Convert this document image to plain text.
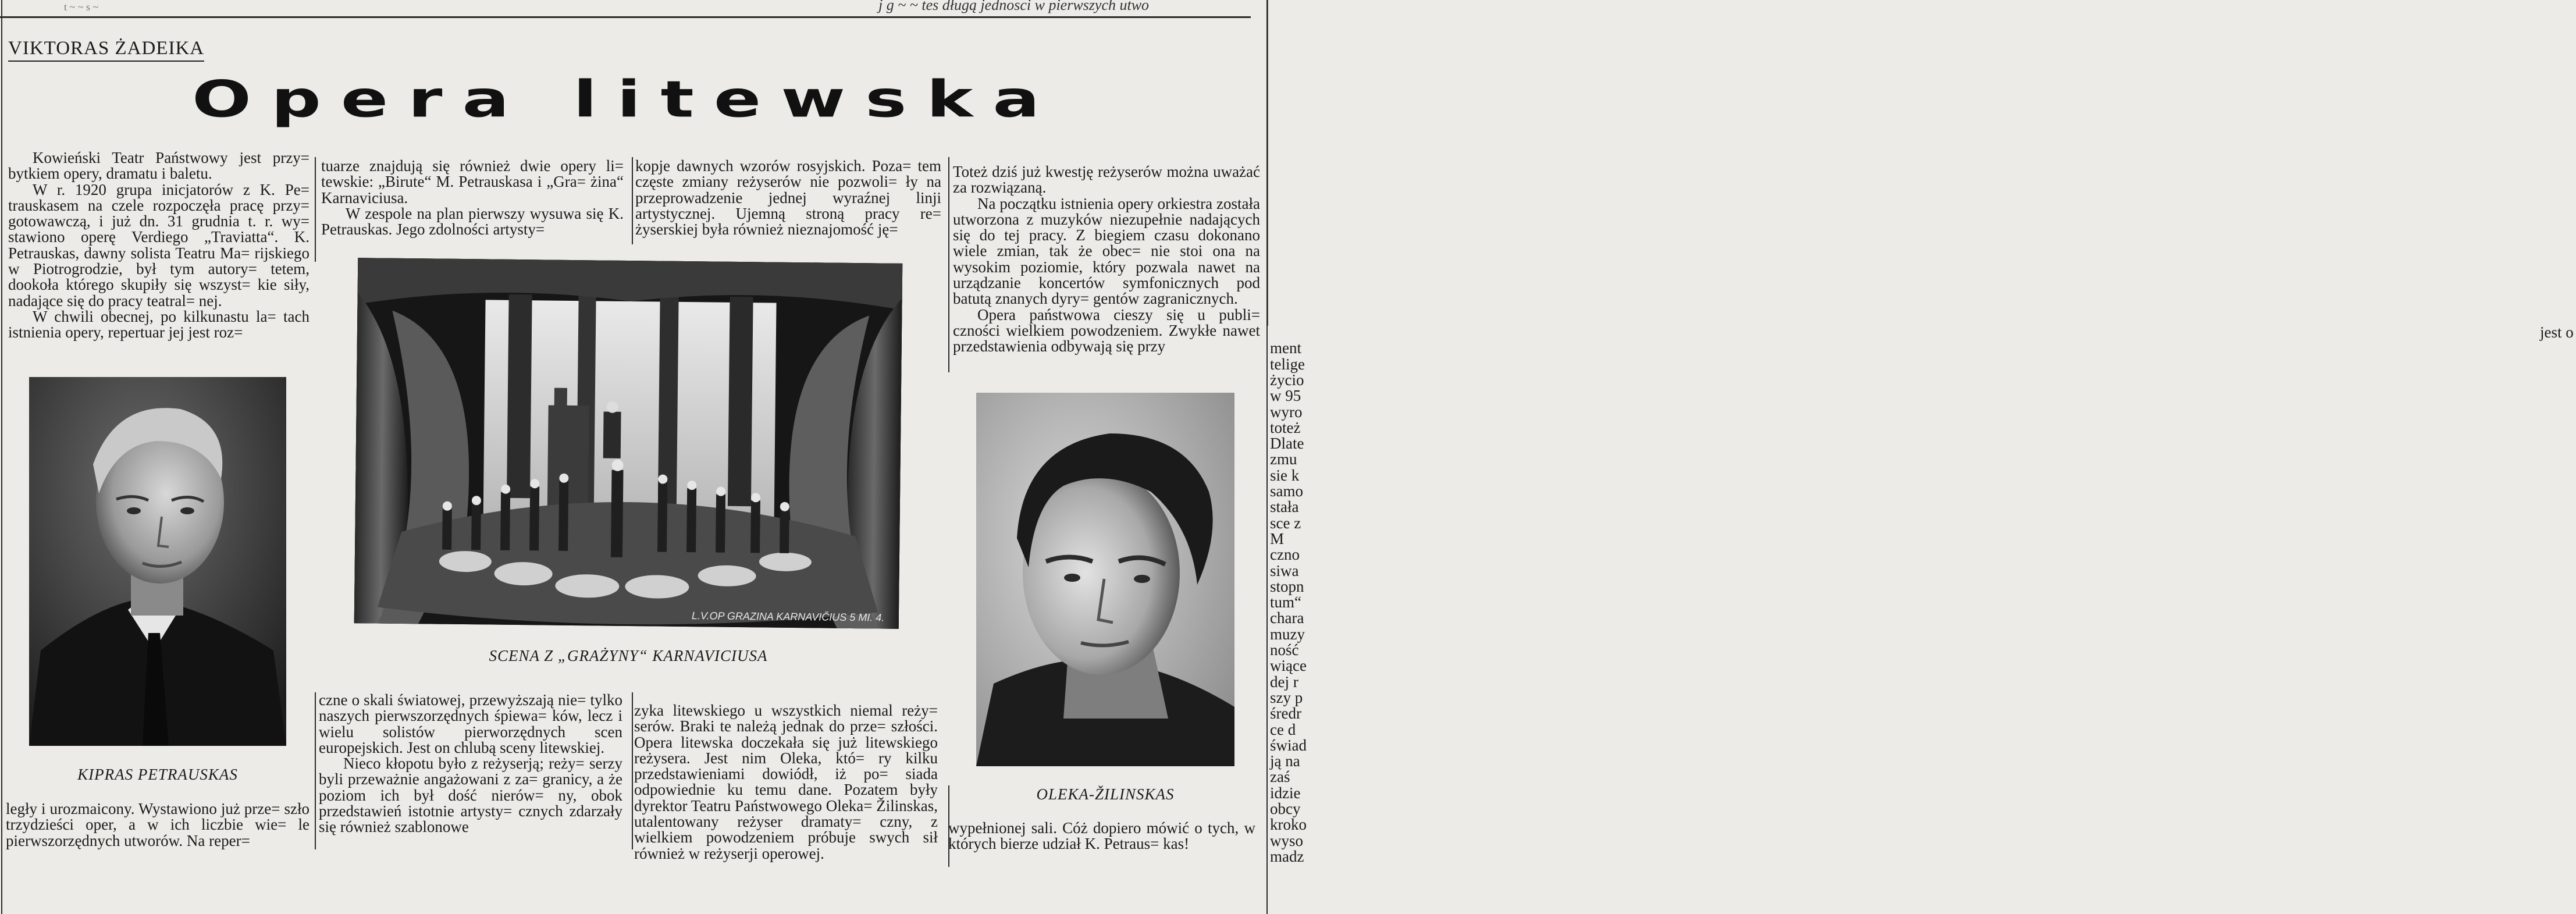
t ~ ~ s ~	j g ~ ~ tes długą jednosci w pierwszych utwo
VIKTORAS ŻADEIKA
Opera litewska

Kowieński Teatr Państwowy jest przy= bytkiem opery, dramatu i baletu.

W r. 1920 grupa inicjatorów z K. Pe= trauskasem na czele rozpoczęła pracę przy= gotowawczą, i już dn. 31 grudnia t. r. wy= stawiono operę Verdiego „Traviatta“. K. Petrauskas, dawny solista Teatru Ma= rijskiego w Piotrogrodzie, był tym autory= tetem, dookoła którego skupiły się wszyst= kie siły, nadające się do pracy teatral= nej.

W chwili obecnej, po kilkunastu la= tach istnienia opery, repertuar jej jest roz=

tuarze znajdują się również dwie opery li= tewskie: „Birute“ M. Petrauskasa i „Gra= żina“ Karnaviciusa.

W zespole na plan pierwszy wysuwa się K. Petrauskas. Jego zdolności artysty=

kopje dawnych wzorów rosyjskich. Poza= tem częste zmiany reżyserów nie pozwoli= ły na przeprowadzenie jednej wyraźnej linji artystycznej. Ujemną stroną pracy re= żyserskiej była również nieznajomość ję=

Toteż dziś już kwestję reżyserów można uważać za rozwiązaną.

Na początku istnienia opery orkiestra została utworzona z muzyków niezupełnie nadających się do tej pracy. Z biegiem czasu dokonano wiele zmian, tak że obec= nie stoi ona na wysokim poziomie, który pozwala nawet na urządzanie koncertów symfonicznych pod batutą znanych dyry= gentów zagranicznych.

Opera państwowa cieszy się u publi= czności wielkiem powodzeniem. Zwykłe nawet przedstawienia odbywają się przy

KIPRAS PETRAUSKAS
L.V.OP GRAZINA KARNAVIČIUS 5 MI. 4.
SCENA Z „GRAŻYNY“ KARNAVICIUSA
OLEKA-ŽILINSKAS

legły i urozmaicony. Wystawiono już prze= szło trzydzieści oper, a w ich liczbie wie= le pierwszorzędnych utworów. Na reper=

czne o skali światowej, przewyższają nie= tylko naszych pierwszorzędnych śpiewa= ków, lecz i wielu solistów pierworzędnych scen europejskich. Jest on chlubą sceny litewskiej.

Nieco kłopotu było z reżyserją; reży= serzy byli przeważnie angażowani z za= granicy, a że poziom ich był dość nierów= ny, obok przedstawień istotnie artysty= cznych zdarzały się również szablonowe

zyka litewskiego u wszystkich niemal reży= serów. Braki te należą jednak do prze= szłości. Opera litewska doczekała się już litewskiego reżysera. Jest nim Oleka, któ= ry kilku przedstawieniami dowiódł, iż po= siada odpowiednie ku temu dane. Pozatem były dyrektor Teatru Państwowego Oleka= Žilinskas, utalentowany reżyser dramaty= czny, z wielkiem powodzeniem próbuje swych sił również w reżyserji operowej.

wypełnionej sali. Cóż dopiero mówić o tych, w których bierze udział K. Petraus= kas!

jest o
ment
telige
życio
w 95
wyro
toteż
Dlate
zmu
sie k
samo
stała
sce z
M
czno
siwa
stopn
tum“
chara
muzy
ność
wiące
dej r
szy p
średr
ce d
świad
ją na
zaś
idzie
obcy
kroko
wyso
madz
